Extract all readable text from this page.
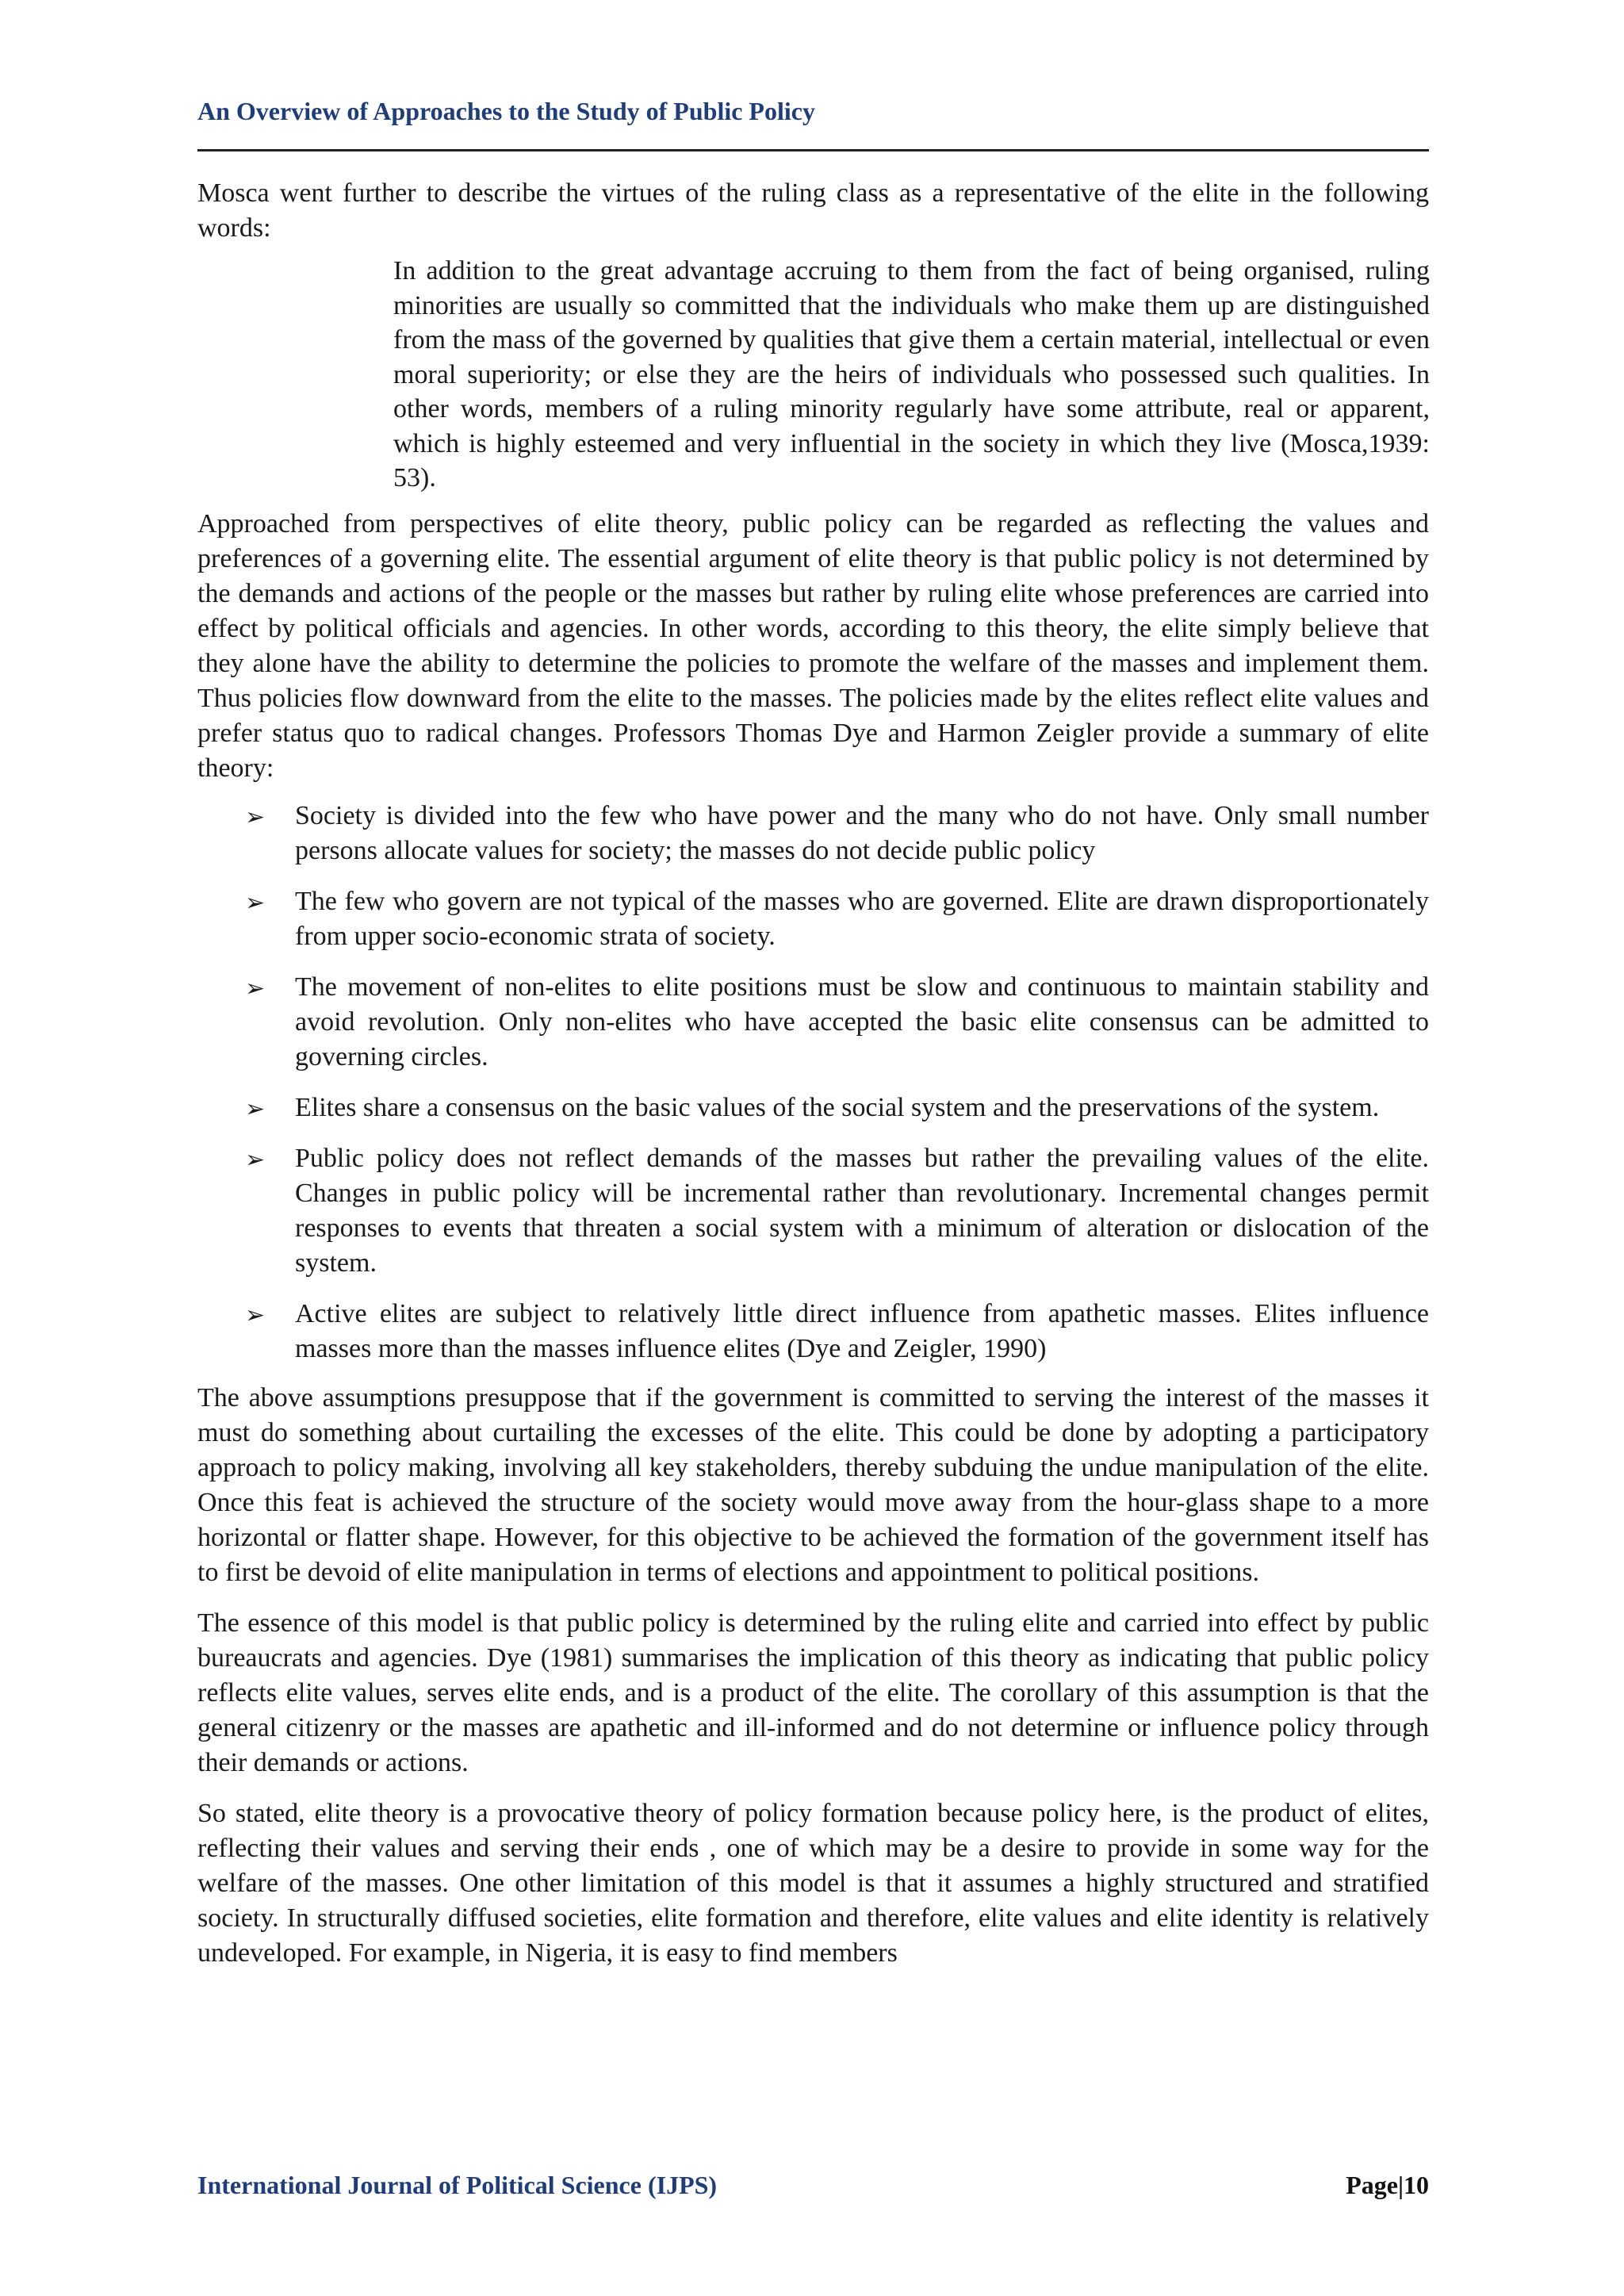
An Overview of Approaches to the Study of Public Policy

Mosca went further to describe the virtues of the ruling class as a representative of the elite in the following words:

In addition to the great advantage accruing to them from the fact of being organised, ruling minorities are usually so committed that the individuals who make them up are distinguished from the mass of the governed by qualities that give them a certain material, intellectual or even moral superiority; or else they are the heirs of individuals who possessed such qualities. In other words, members of a ruling minority regularly have some attribute, real or apparent, which is highly esteemed and very influential in the society in which they live (Mosca,1939: 53).

Approached from perspectives of elite theory, public policy can be regarded as reflecting the values and preferences of a governing elite. The essential argument of elite theory is that public policy is not determined by the demands and actions of the people or the masses but rather by ruling elite whose preferences are carried into effect by political officials and agencies. In other words, according to this theory, the elite simply believe that they alone have the ability to determine the policies to promote the welfare of the masses and implement them. Thus policies flow downward from the elite to the masses. The policies made by the elites reflect elite values and prefer status quo to radical changes. Professors Thomas Dye and Harmon Zeigler provide a summary of elite theory:

➢ Society is divided into the few who have power and the many who do not have. Only small number persons allocate values for society; the masses do not decide public policy
➢ The few who govern are not typical of the masses who are governed. Elite are drawn disproportionately from upper socio-economic strata of society.
➢ The movement of non-elites to elite positions must be slow and continuous to maintain stability and avoid revolution. Only non-elites who have accepted the basic elite consensus can be admitted to governing circles.
➢ Elites share a consensus on the basic values of the social system and the preservations of the system.
➢ Public policy does not reflect demands of the masses but rather the prevailing values of the elite. Changes in public policy will be incremental rather than revolutionary. Incremental changes permit responses to events that threaten a social system with a minimum of alteration or dislocation of the system.
➢ Active elites are subject to relatively little direct influence from apathetic masses. Elites influence masses more than the masses influence elites (Dye and Zeigler, 1990)

The above assumptions presuppose that if the government is committed to serving the interest of the masses it must do something about curtailing the excesses of the elite. This could be done by adopting a participatory approach to policy making, involving all key stakeholders, thereby subduing the undue manipulation of the elite. Once this feat is achieved the structure of the society would move away from the hour-glass shape to a more horizontal or flatter shape. However, for this objective to be achieved the formation of the government itself has to first be devoid of elite manipulation in terms of elections and appointment to political positions.

The essence of this model is that public policy is determined by the ruling elite and carried into effect by public bureaucrats and agencies. Dye (1981) summarises the implication of this theory as indicating that public policy reflects elite values, serves elite ends, and is a product of the elite. The corollary of this assumption is that the general citizenry or the masses are apathetic and ill-informed and do not determine or influence policy through their demands or actions.

So stated, elite theory is a provocative theory of policy formation because policy here, is the product of elites, reflecting their values and serving their ends , one of which may be a desire to provide in some way for the welfare of the masses. One other limitation of this model is that it assumes a highly structured and stratified society. In structurally diffused societies, elite formation and therefore, elite values and elite identity is relatively undeveloped. For example, in Nigeria, it is easy to find members

International Journal of Political Science (IJPS)	Page|10
